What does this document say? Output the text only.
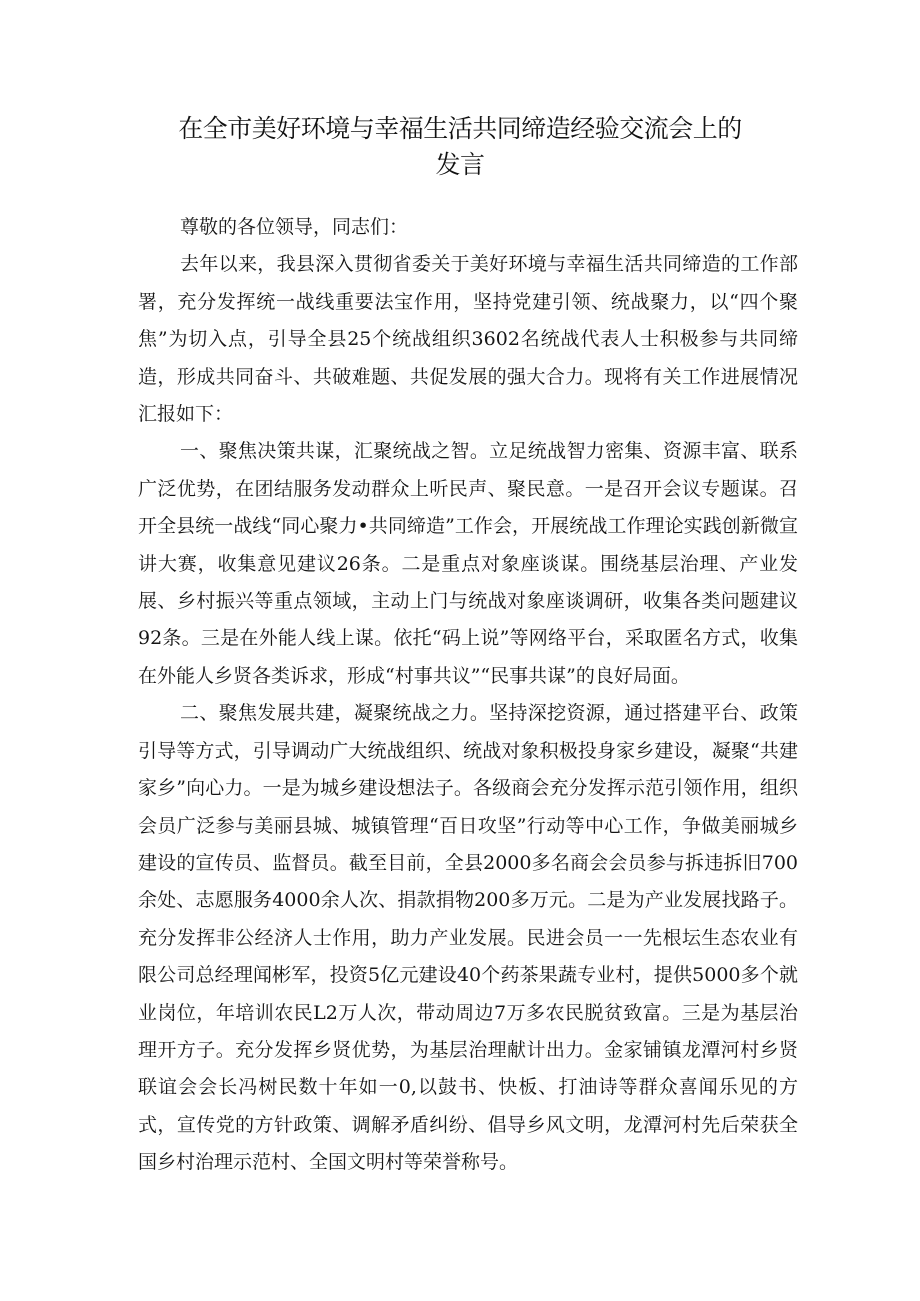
在全市美好环境与幸福生活共同缔造经验交流会上的
发言

尊敬的各位领导，同志们：

去年以来，我县深入贯彻省委关于美好环境与幸福生活共同缔造的工作部署，充分发挥统一战线重要法宝作用，坚持党建引领、统战聚力，以“四个聚焦”为切入点，引导全县25个统战组织3602名统战代表人士积极参与共同缔造，形成共同奋斗、共破难题、共促发展的强大合力。现将有关工作进展情况汇报如下：

一、聚焦决策共谋，汇聚统战之智。立足统战智力密集、资源丰富、联系广泛优势，在团结服务发动群众上听民声、聚民意。一是召开会议专题谋。召开全县统一战线“同心聚力•共同缔造”工作会，开展统战工作理论实践创新微宣讲大赛，收集意见建议26条。二是重点对象座谈谋。围绕基层治理、产业发展、乡村振兴等重点领域，主动上门与统战对象座谈调研，收集各类问题建议92条。三是在外能人线上谋。依托“码上说”等网络平台，采取匿名方式，收集在外能人乡贤各类诉求，形成“村事共议”“民事共谋”的良好局面。

二、聚焦发展共建，凝聚统战之力。坚持深挖资源，通过搭建平台、政策引导等方式，引导调动广大统战组织、统战对象积极投身家乡建设，凝聚“共建家乡”向心力。一是为城乡建设想法子。各级商会充分发挥示范引领作用，组织会员广泛参与美丽县城、城镇管理“百日攻坚”行动等中心工作，争做美丽城乡建设的宣传员、监督员。截至目前，全县2000多名商会会员参与拆违拆旧700余处、志愿服务4000余人次、捐款捐物200多万元。二是为产业发展找路子。充分发挥非公经济人士作用，助力产业发展。民进会员一一先根坛生态农业有限公司总经理闻彬军，投资5亿元建设40个药茶果蔬专业村，提供5000多个就业岗位，年培训农民L2万人次，带动周边7万多农民脱贫致富。三是为基层治理开方子。充分发挥乡贤优势，为基层治理献计出力。金家铺镇龙潭河村乡贤联谊会会长冯树民数十年如一0,以鼓书、快板、打油诗等群众喜闻乐见的方式，宣传党的方针政策、调解矛盾纠纷、倡导乡风文明，龙潭河村先后荣获全国乡村治理示范村、全国文明村等荣誉称号。
